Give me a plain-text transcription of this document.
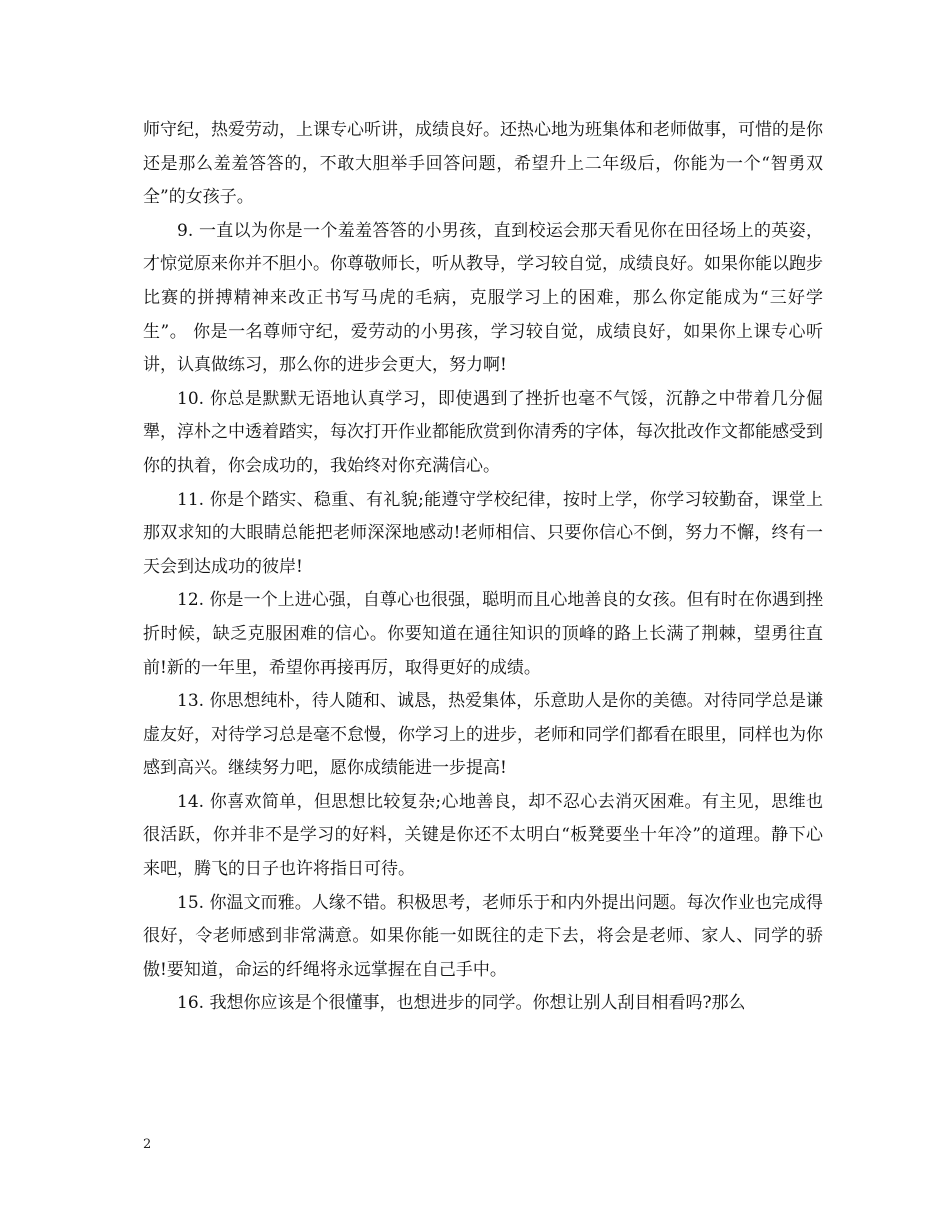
师守纪，热爱劳动，上课专心听讲，成绩良好。还热心地为班集体和老师做事，可惜的是你还是那么羞羞答答的，不敢大胆举手回答问题，希望升上二年级后，你能为一个“智勇双全”的女孩子。

9. 一直以为你是一个羞羞答答的小男孩，直到校运会那天看见你在田径场上的英姿，才惊觉原来你并不胆小。你尊敬师长，听从教导，学习较自觉，成绩良好。如果你能以跑步比赛的拼搏精神来改正书写马虎的毛病，克服学习上的困难，那么你定能成为“三好学生”。 你是一名尊师守纪，爱劳动的小男孩，学习较自觉，成绩良好，如果你上课专心听讲，认真做练习，那么你的进步会更大，努力啊!

10. 你总是默默无语地认真学习，即使遇到了挫折也毫不气馁，沉静之中带着几分倔犟，淳朴之中透着踏实，每次打开作业都能欣赏到你清秀的字体，每次批改作文都能感受到你的执着，你会成功的，我始终对你充满信心。

11. 你是个踏实、稳重、有礼貌;能遵守学校纪律，按时上学，你学习较勤奋，课堂上那双求知的大眼睛总能把老师深深地感动!老师相信、只要你信心不倒，努力不懈，终有一天会到达成功的彼岸!

12. 你是一个上进心强，自尊心也很强，聪明而且心地善良的女孩。但有时在你遇到挫折时候，缺乏克服困难的信心。你要知道在通往知识的顶峰的路上长满了荆棘，望勇往直前!新的一年里，希望你再接再厉，取得更好的成绩。

13. 你思想纯朴，待人随和、诚恳，热爱集体，乐意助人是你的美德。对待同学总是谦虚友好，对待学习总是毫不怠慢，你学习上的进步，老师和同学们都看在眼里，同样也为你感到高兴。继续努力吧，愿你成绩能进一步提高!

14. 你喜欢简单，但思想比较复杂;心地善良，却不忍心去消灭困难。有主见，思维也很活跃，你并非不是学习的好料，关键是你还不太明白“板凳要坐十年冷”的道理。静下心来吧，腾飞的日子也许将指日可待。

15. 你温文而雅。人缘不错。积极思考，老师乐于和内外提出问题。每次作业也完成得很好，令老师感到非常满意。如果你能一如既往的走下去，将会是老师、家人、同学的骄傲!要知道，命运的纤绳将永远掌握在自己手中。

16. 我想你应该是个很懂事，也想进步的同学。你想让别人刮目相看吗?那么

2
